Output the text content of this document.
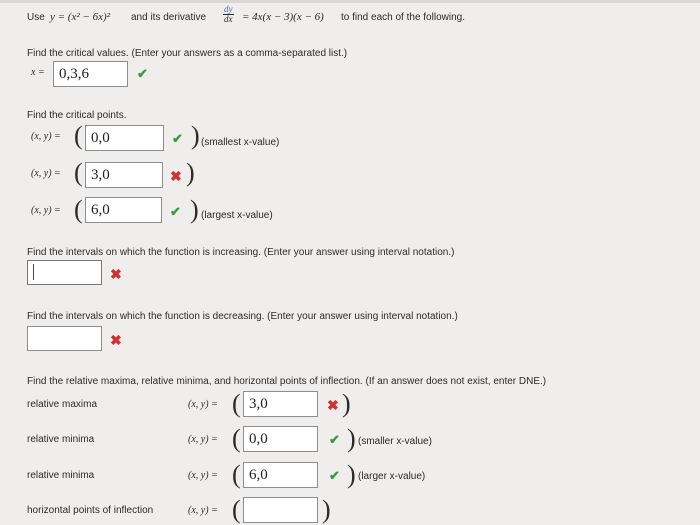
Use y = (x² − 6x)² and its derivative $\frac{dy}{dx} = 4x(x - 3)(x - 6)$ to find each of the following.
Find the critical values. (Enter your answers as a comma-separated list.)
x = 0,3,6	✔
Find the critical points.
(x, y) = ( 0,0	✔ ) (smallest x-value)
(x, y) = ( 3,0	✖ )
(x, y) = ( 6,0	✔ ) (largest x-value)
Find the intervals on which the function is increasing. (Enter your answer using interval notation.)
✖
Find the intervals on which the function is decreasing. (Enter your answer using interval notation.)
✖
Find the relative maxima, relative minima, and horizontal points of inflection. (If an answer does not exist, enter DNE.)
relative maxima	(x, y) = ( 3,0	✖ )
relative minima	(x, y) = ( 0,0	✔ ) (smaller x-value)
relative minima	(x, y) = ( 6,0	✔ ) (larger x-value)
horizontal points of inflection	(x, y) = (	)
